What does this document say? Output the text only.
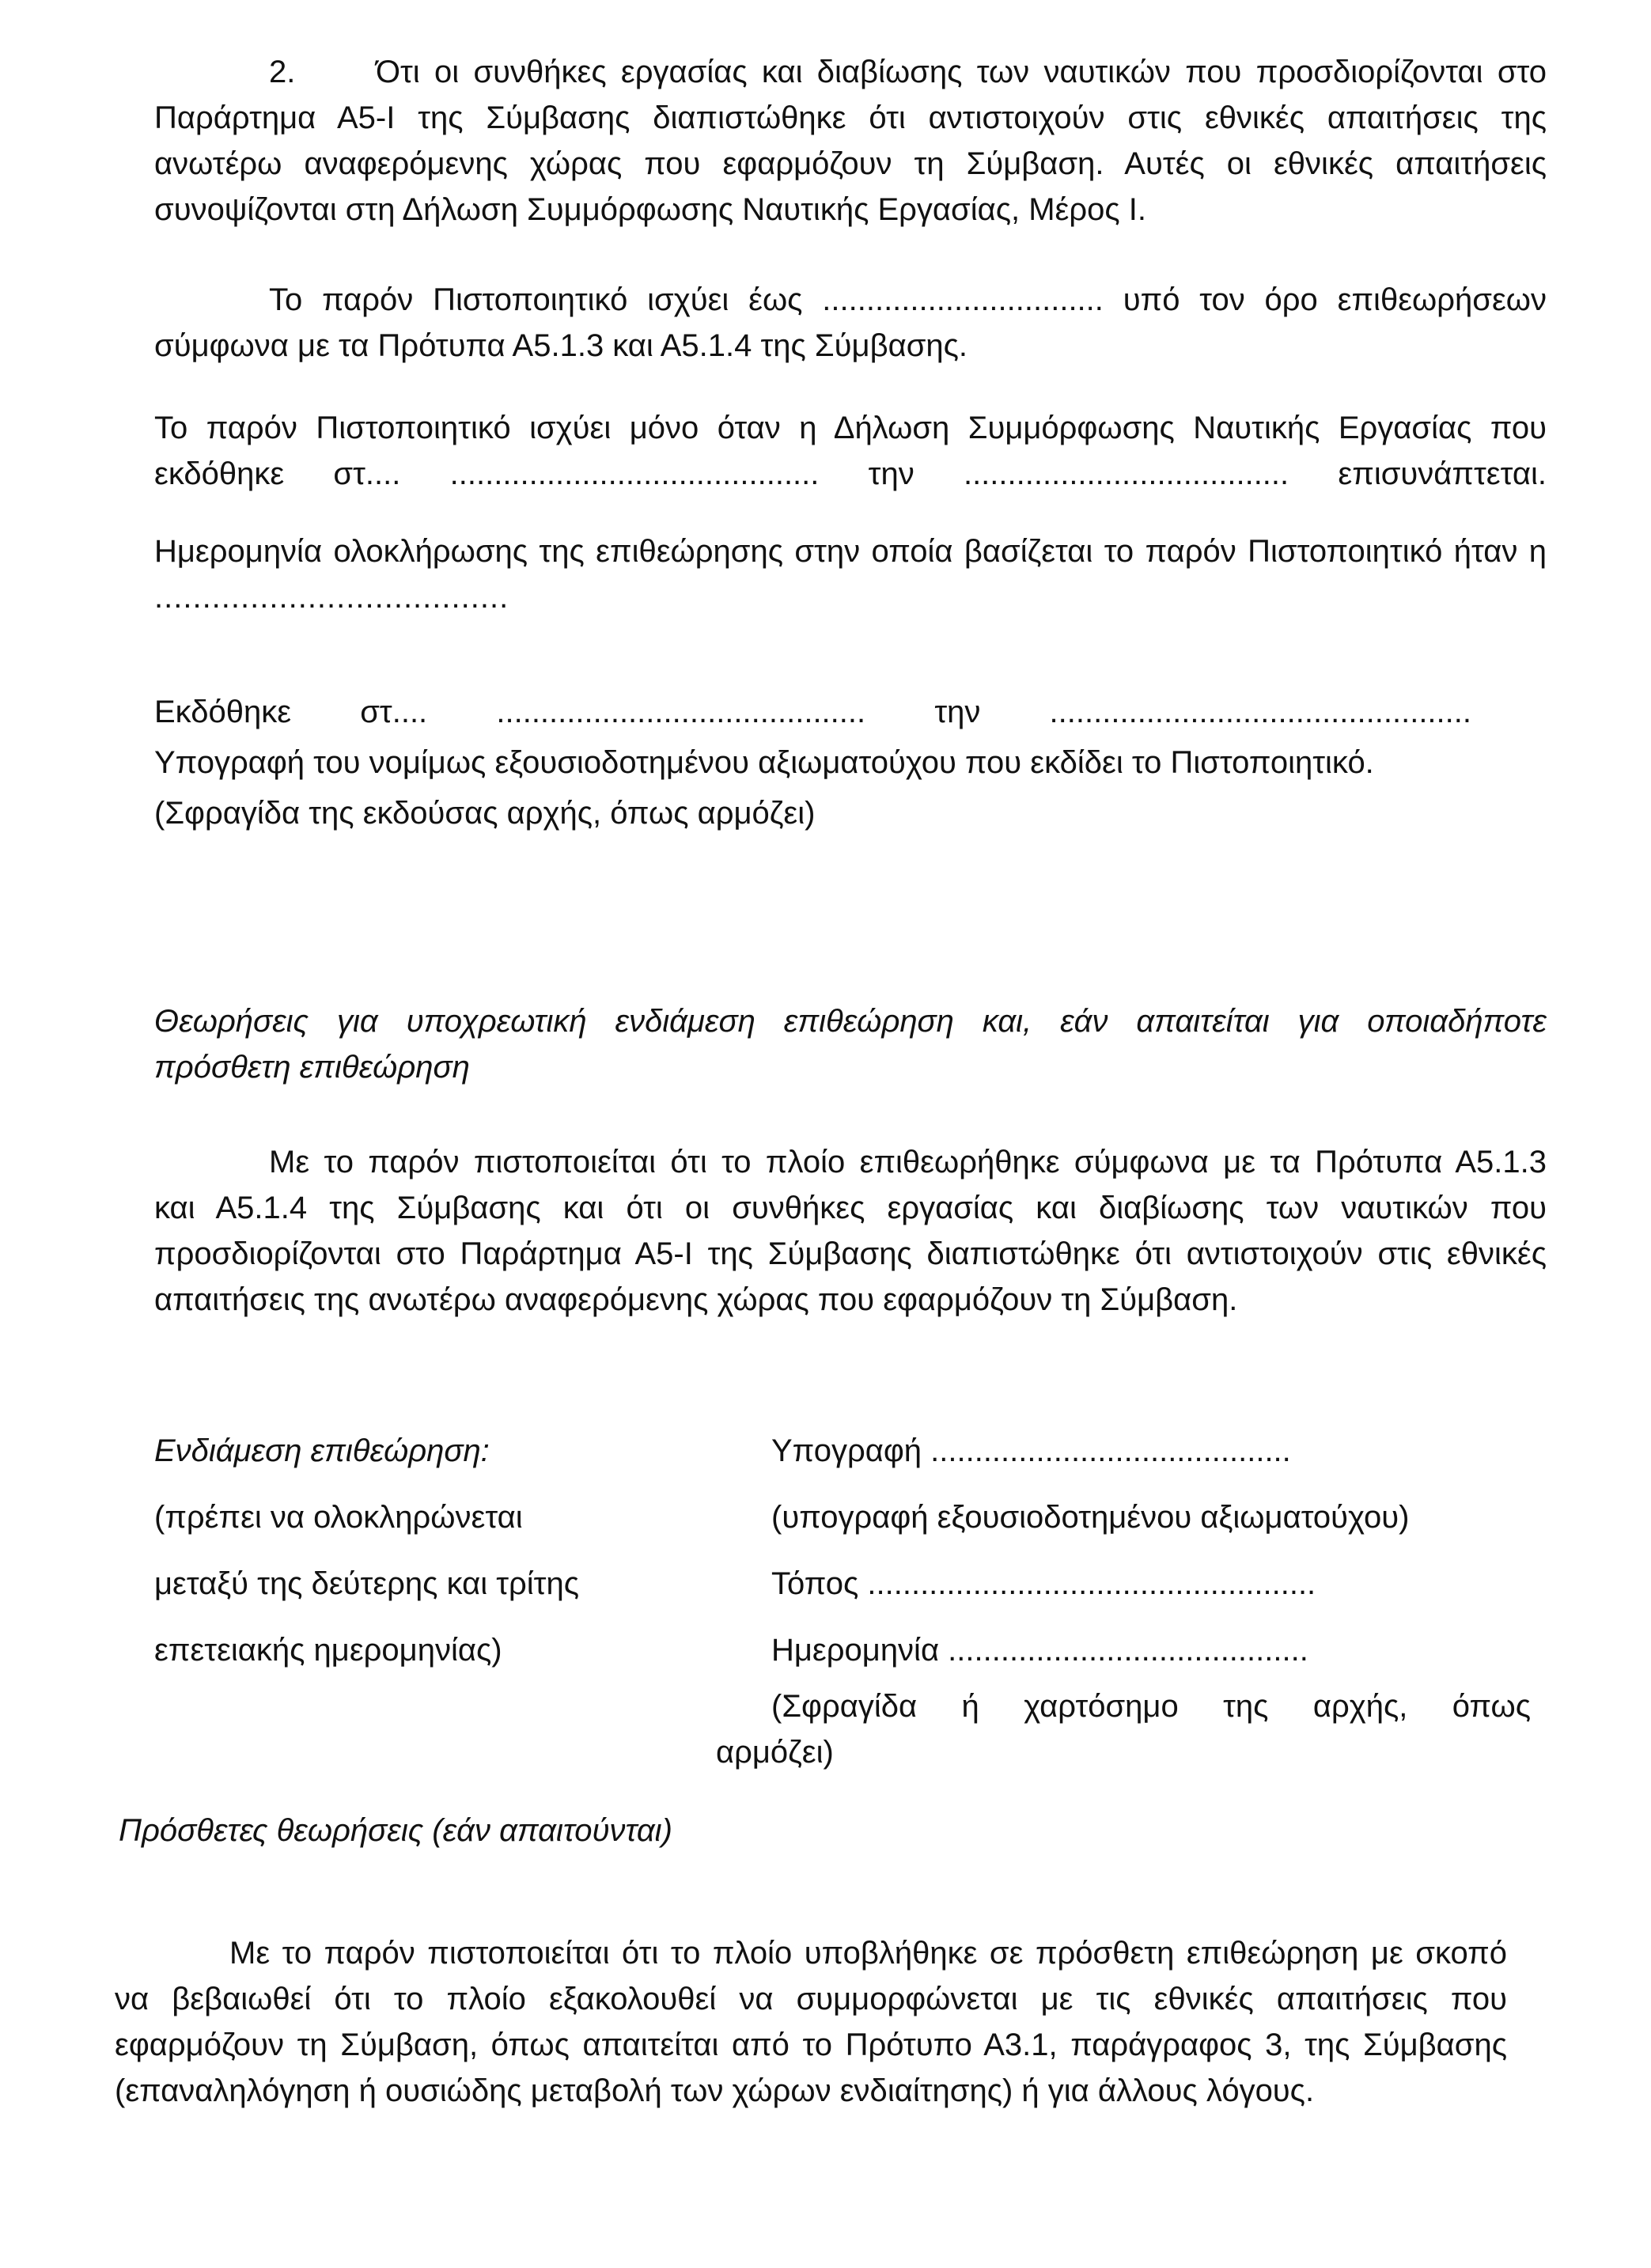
2.	Ότι οι συνθήκες εργασίας και διαβίωσης των ναυτικών που προσδιορίζονται στο
Παράρτημα Α5-Ι της Σύμβασης διαπιστώθηκε ότι αντιστοιχούν στις εθνικές απαιτήσεις της
ανωτέρω αναφερόμενης χώρας που εφαρμόζουν τη Σύμβαση. Αυτές οι εθνικές απαιτήσεις
συνοψίζονται στη Δήλωση Συμμόρφωσης Ναυτικής Εργασίας, Μέρος Ι.
Το παρόν Πιστοποιητικό ισχύει έως ................................ υπό τον όρο επιθεωρήσεων
σύμφωνα με τα Πρότυπα Α5.1.3 και Α5.1.4 της Σύμβασης.
Το παρόν Πιστοποιητικό ισχύει μόνο όταν η Δήλωση Συμμόρφωσης Ναυτικής Εργασίας που
εκδόθηκε στ.... .......................................... την ..................................... επισυνάπτεται.
Ημερομηνία ολοκλήρωσης της επιθεώρησης στην οποία βασίζεται το παρόν Πιστοποιητικό ήταν η
.....................................
Εκδόθηκε στ.... .......................................... την ................................................
Υπογραφή του νομίμως εξουσιοδοτημένου αξιωματούχου που εκδίδει το Πιστοποιητικό.
(Σφραγίδα της εκδούσας αρχής, όπως αρμόζει)
Θεωρήσεις για υποχρεωτική ενδιάμεση επιθεώρηση και, εάν απαιτείται για οποιαδήποτε
πρόσθετη επιθεώρηση
Με το παρόν πιστοποιείται ότι το πλοίο επιθεωρήθηκε σύμφωνα με τα Πρότυπα Α5.1.3
και Α5.1.4 της Σύμβασης και ότι οι συνθήκες εργασίας και διαβίωσης των ναυτικών που
προσδιορίζονται στο Παράρτημα Α5-Ι της Σύμβασης διαπιστώθηκε ότι αντιστοιχούν στις εθνικές
απαιτήσεις της ανωτέρω αναφερόμενης χώρας που εφαρμόζουν τη Σύμβαση.
Ενδιάμεση επιθεώρηση:
(πρέπει να ολοκληρώνεται
μεταξύ της δεύτερης και τρίτης
επετειακής ημερομηνίας)
Υπογραφή .........................................
(υπογραφή εξουσιοδοτημένου αξιωματούχου)
Τόπος ...................................................
Ημερομηνία .........................................
(Σφραγίδα ή χαρτόσημο της αρχής, όπως
αρμόζει)
Πρόσθετες θεωρήσεις (εάν απαιτούνται)
Με το παρόν πιστοποιείται ότι το πλοίο υποβλήθηκε σε πρόσθετη επιθεώρηση με σκοπό
να βεβαιωθεί ότι το πλοίο εξακολουθεί να συμμορφώνεται με τις εθνικές απαιτήσεις που
εφαρμόζουν τη Σύμβαση, όπως απαιτείται από το Πρότυπο Α3.1, παράγραφος 3, της Σύμβασης
(επαναληλόγηση ή ουσιώδης μεταβολή των χώρων ενδιαίτησης) ή για άλλους λόγους.
